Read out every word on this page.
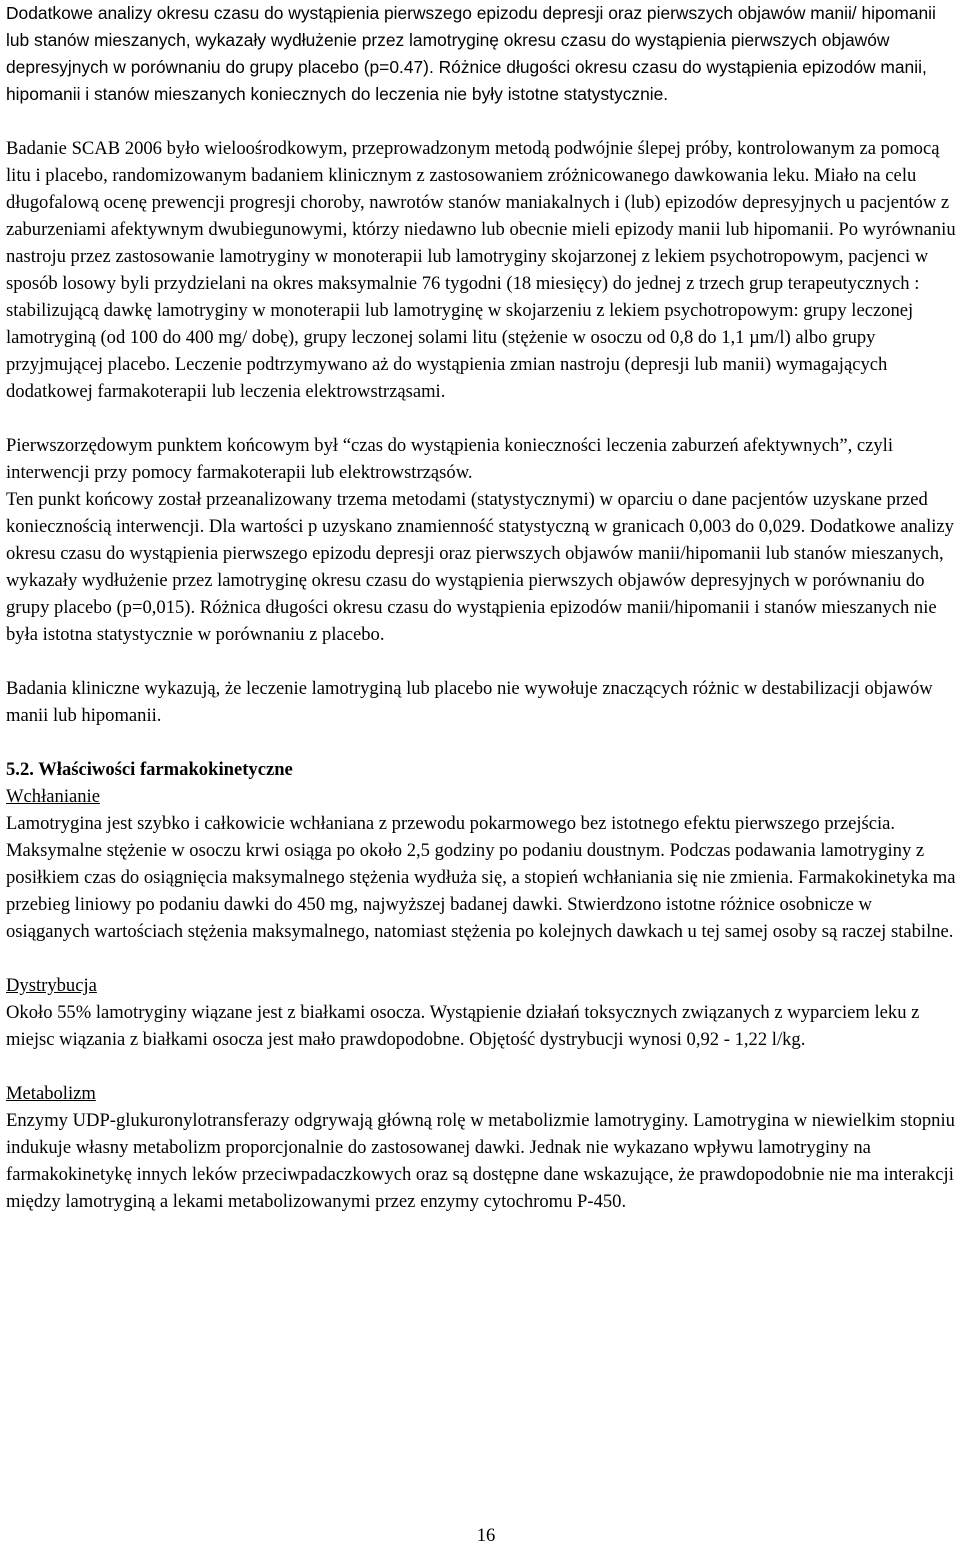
Dodatkowe analizy okresu czasu do wystąpienia pierwszego epizodu depresji oraz pierwszych objawów manii/ hipomanii lub stanów mieszanych, wykazały wydłużenie przez lamotryginę okresu czasu do wystąpienia pierwszych objawów depresyjnych w porównaniu do grupy placebo (p=0.47). Różnice długości okresu czasu do wystąpienia epizodów manii, hipomanii i stanów mieszanych koniecznych do leczenia nie były istotne statystycznie.

Badanie SCAB 2006 było wieloośrodkowym, przeprowadzonym metodą podwójnie ślepej próby, kontrolowanym za pomocą litu i placebo, randomizowanym badaniem klinicznym z zastosowaniem zróżnicowanego dawkowania leku. Miało na celu długofalową ocenę prewencji progresji choroby, nawrotów stanów maniakalnych i (lub) epizodów depresyjnych u pacjentów z zaburzeniami afektywnym dwubiegunowymi, którzy niedawno lub obecnie mieli epizody manii lub hipomanii. Po wyrównaniu nastroju przez zastosowanie lamotryginy w monoterapii lub lamotryginy skojarzonej z lekiem psychotropowym, pacjenci w sposób losowy byli przydzielani na okres maksymalnie 76 tygodni (18 miesięcy) do jednej z trzech grup terapeutycznych : stabilizującą dawkę lamotryginy w monoterapii lub lamotryginę w skojarzeniu z lekiem psychotropowym: grupy leczonej lamotryginą (od 100 do 400 mg/ dobę), grupy leczonej solami litu (stężenie w osoczu od 0,8 do 1,1 µm/l) albo grupy przyjmującej placebo. Leczenie podtrzymywano aż do wystąpienia zmian nastroju (depresji lub manii) wymagających dodatkowej farmakoterapii lub leczenia elektrowstrząsami.

Pierwszorzędowym punktem końcowym był “czas do wystąpienia konieczności leczenia zaburzeń afektywnych”, czyli interwencji przy pomocy farmakoterapii lub elektrowstrząsów.

Ten punkt końcowy został przeanalizowany trzema metodami (statystycznymi) w oparciu o dane pacjentów uzyskane przed koniecznością interwencji. Dla wartości p uzyskano znamienność statystyczną w granicach 0,003 do 0,029. Dodatkowe analizy okresu czasu do wystąpienia pierwszego epizodu depresji oraz pierwszych objawów manii/hipomanii lub stanów mieszanych, wykazały wydłużenie przez lamotryginę okresu czasu do wystąpienia pierwszych objawów depresyjnych w porównaniu do grupy placebo (p=0,015). Różnica długości okresu czasu do wystąpienia epizodów manii/hipomanii i stanów mieszanych nie była istotna statystycznie w porównaniu z placebo.

Badania kliniczne wykazują, że leczenie lamotryginą lub placebo nie wywołuje znaczących różnic w destabilizacji objawów manii lub hipomanii.

5.2. Właściwości farmakokinetyczne

Wchłanianie

Lamotrygina jest szybko i całkowicie wchłaniana z przewodu pokarmowego bez istotnego efektu pierwszego przejścia. Maksymalne stężenie w osoczu krwi osiąga po około 2,5 godziny po podaniu doustnym. Podczas podawania lamotryginy z posiłkiem czas do osiągnięcia maksymalnego stężenia wydłuża się, a stopień wchłaniania się nie zmienia. Farmakokinetyka ma przebieg liniowy po podaniu dawki do 450 mg, najwyższej badanej dawki. Stwierdzono istotne różnice osobnicze w osiąganych wartościach stężenia maksymalnego, natomiast stężenia po kolejnych dawkach u tej samej osoby są raczej stabilne.

Dystrybucja

Około 55% lamotryginy wiązane jest z białkami osocza. Wystąpienie działań toksycznych związanych z wyparciem leku z miejsc wiązania z białkami osocza jest mało prawdopodobne. Objętość dystrybucji wynosi 0,92 - 1,22 l/kg.

Metabolizm

Enzymy UDP-glukuronylotransferazy odgrywają główną rolę w metabolizmie lamotryginy. Lamotrygina w niewielkim stopniu indukuje własny metabolizm proporcjonalnie do zastosowanej dawki. Jednak nie wykazano wpływu lamotryginy na farmakokinetykę innych leków przeciwpadaczkowych oraz są dostępne dane wskazujące, że prawdopodobnie nie ma interakcji między lamotryginą a lekami metabolizowanymi przez enzymy cytochromu P-450.

16
